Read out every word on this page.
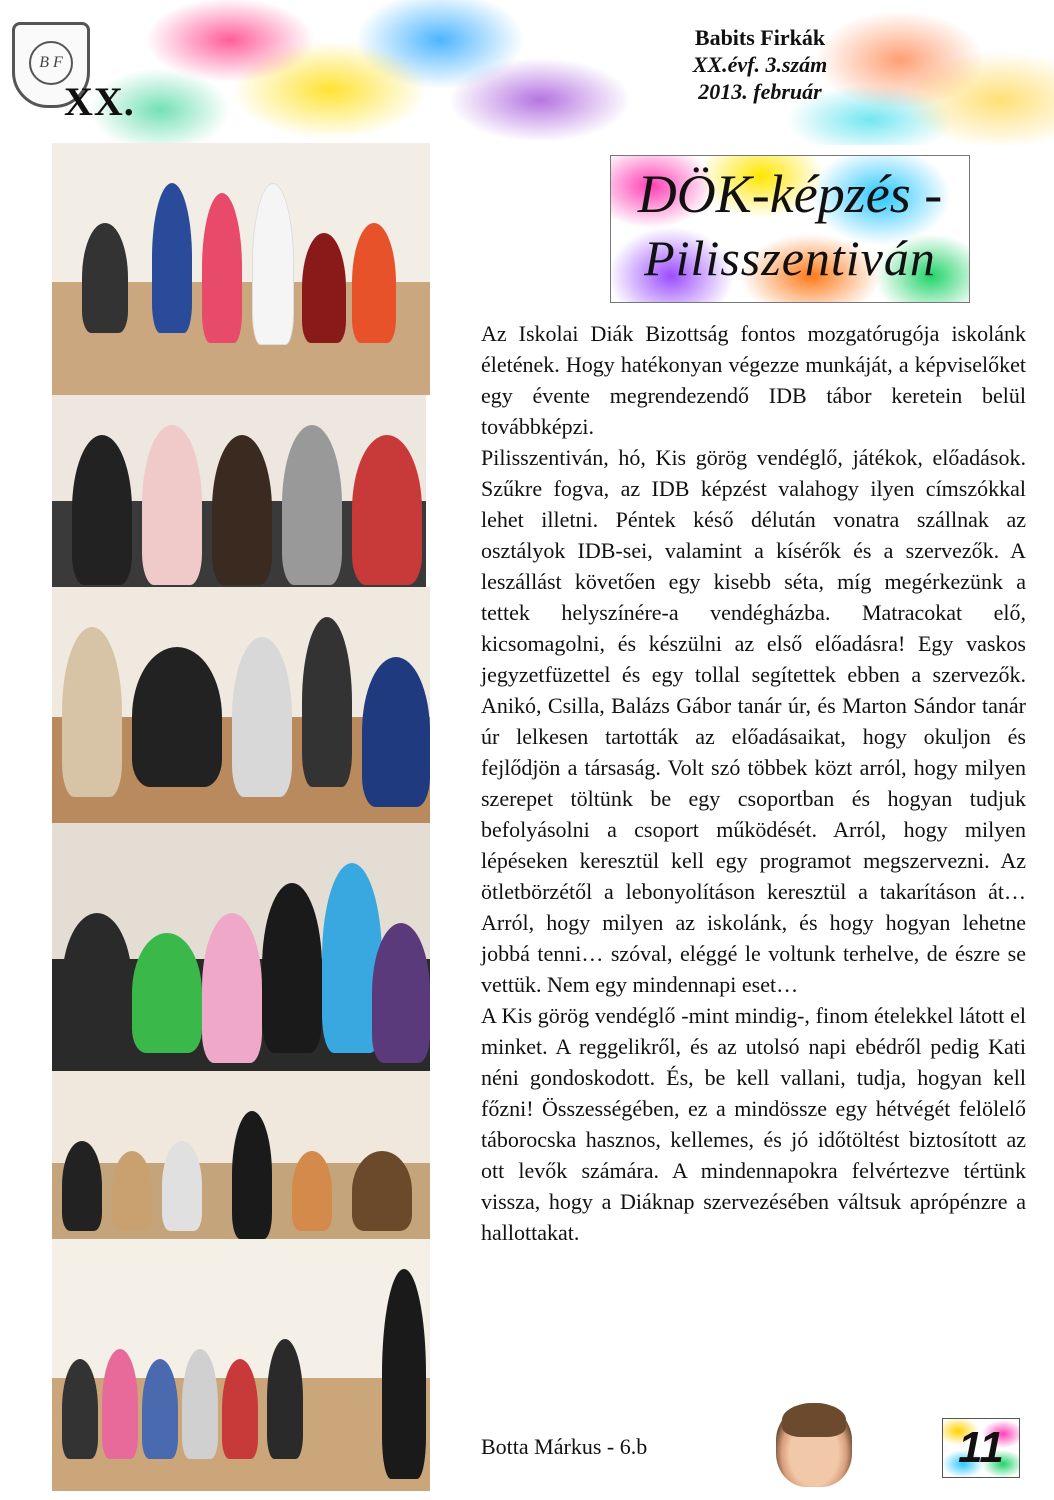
B F
XX.
Babits Firkák
XX.évf. 3.szám
2013. február
DÖK-képzés -
Pilisszentiván

Az Iskolai Diák Bizottság fontos mozgatórugója iskolánk életének. Hogy hatékonyan végezze munkáját, a képviselőket egy évente megrendezendő IDB tábor keretein belül továbbképzi.

Pilisszentiván, hó, Kis görög vendéglő, játékok, előadások. Szűkre fogva, az IDB képzést valahogy ilyen címszókkal lehet illetni. Péntek késő délután vonatra szállnak az osztályok IDB-sei, valamint a kísérők és a szervezők. A leszállást követően egy kisebb séta, míg megérkezünk a tettek helyszínére-a vendégházba. Matracokat elő, kicsomagolni, és készülni az első előadásra! Egy vaskos jegyzetfüzettel és egy tollal segítettek ebben a szervezők. Anikó, Csilla, Balázs Gábor tanár úr, és Marton Sándor tanár úr lelkesen tartották az előadásaikat, hogy okuljon és fejlődjön a társaság. Volt szó többek közt arról, hogy milyen szerepet töltünk be egy csoportban és hogyan tudjuk befolyásolni a csoport működését. Arról, hogy milyen lépéseken keresztül kell egy programot megszervezni. Az ötletbörzétől a lebonyolításon keresztül a takarításon át… Arról, hogy milyen az iskolánk, és hogy hogyan lehetne jobbá tenni… szóval, eléggé le voltunk terhelve, de észre se vettük. Nem egy mindennapi eset…

A Kis görög vendéglő -mint mindig-, finom ételekkel látott el minket. A reggelikről, és az utolsó napi ebédről pedig Kati néni gondoskodott. És, be kell vallani, tudja, hogyan kell főzni! Összességében, ez a mindössze egy hétvégét felölelő táborocska hasznos, kellemes, és jó időtöltést biztosított az ott levők számára. A mindennapokra felvértezve tértünk vissza, hogy a Diáknap szervezésében váltsuk aprópénzre a hallottakat.

Botta Márkus - 6.b	11
